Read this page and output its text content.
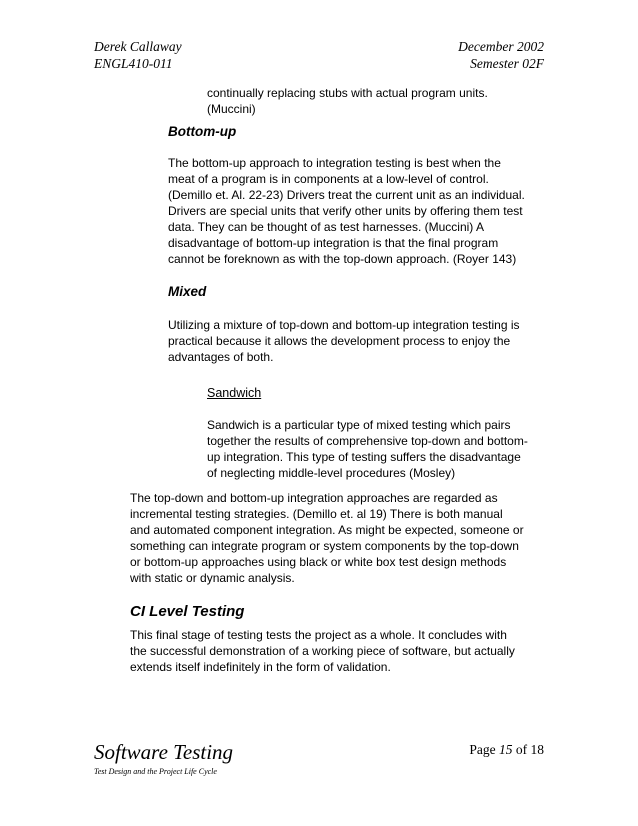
Derek Callaway
ENGL410-011
December 2002
Semester 02F
continually replacing stubs with actual program units.
(Muccini)
Bottom-up
The bottom-up approach to integration testing is best when the
meat of a program is in components at a low-level of control.
(Demillo et. Al. 22-23) Drivers treat the current unit as an individual.
Drivers are special units that verify other units by offering them test
data. They can be thought of as test harnesses. (Muccini) A
disadvantage of bottom-up integration is that the final program
cannot be foreknown as with the top-down approach. (Royer 143)
Mixed
Utilizing a mixture of top-down and bottom-up integration testing is
practical because it allows the development process to enjoy the
advantages of both.
Sandwich
Sandwich is a particular type of mixed testing which pairs
together the results of comprehensive top-down and bottom-
up integration. This type of testing suffers the disadvantage
of neglecting middle-level procedures (Mosley)
The top-down and bottom-up integration approaches are regarded as
incremental testing strategies. (Demillo et. al 19) There is both manual
and automated component integration. As might be expected, someone or
something can integrate program or system components by the top-down
or bottom-up approaches using black or white box test design methods
with static or dynamic analysis.
CI Level Testing
This final stage of testing tests the project as a whole. It concludes with
the successful demonstration of a working piece of software, but actually
extends itself indefinitely in the form of validation.
Software Testing
Test Design and the Project Life Cycle
Page 15 of 18
